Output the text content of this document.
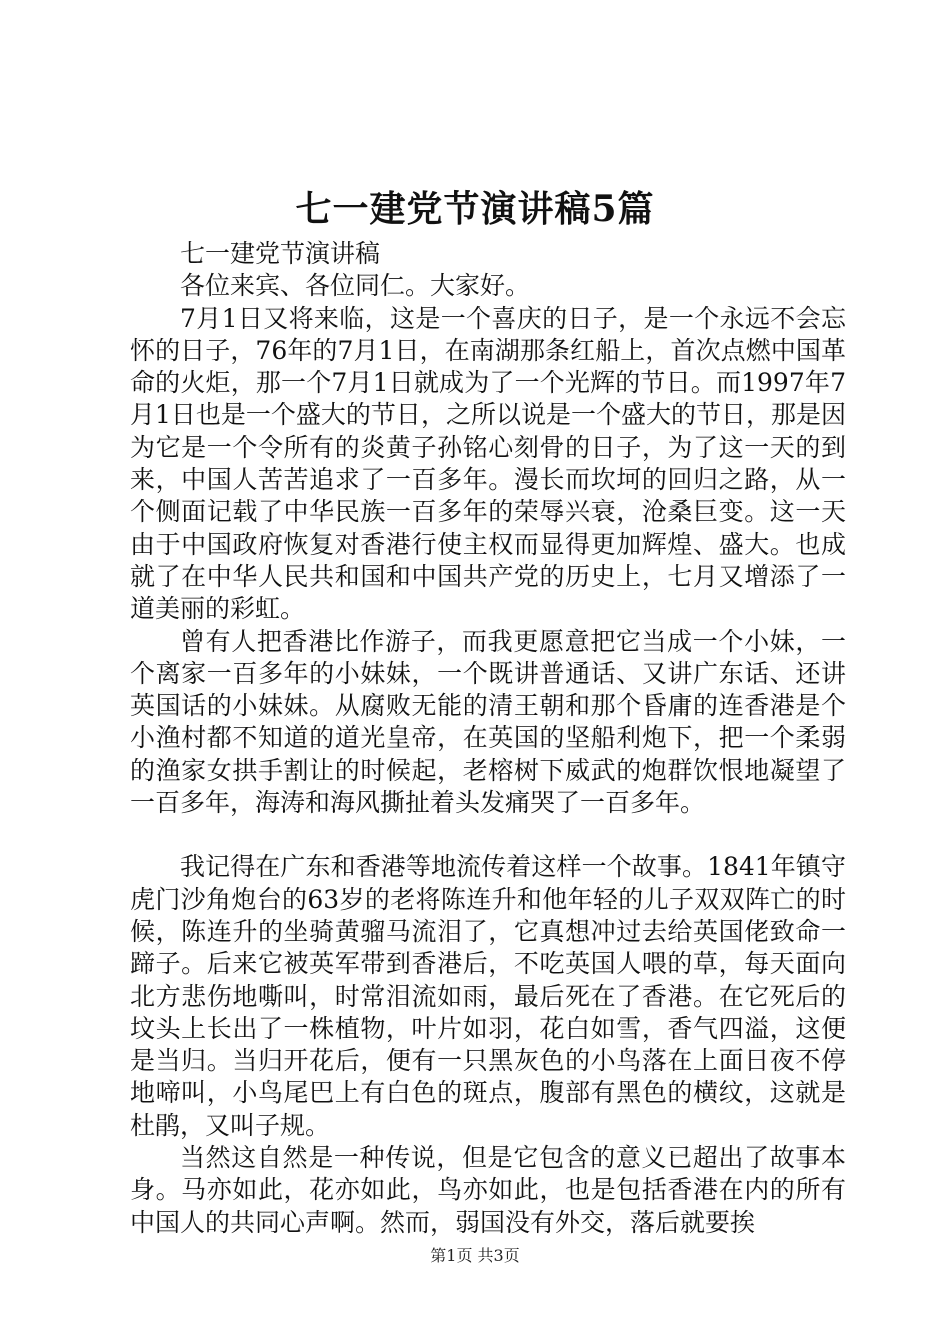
七一建党节演讲稿5篇

七一建党节演讲稿

各位来宾、各位同仁。大家好。

7月1日又将来临，这是一个喜庆的日子，是一个永远不会忘怀的日子，76年的7月1日，在南湖那条红船上，首次点燃中国革命的火炬，那一个7月1日就成为了一个光辉的节日。而1997年7月1日也是一个盛大的节日，之所以说是一个盛大的节日，那是因为它是一个令所有的炎黄子孙铭心刻骨的日子，为了这一天的到来，中国人苦苦追求了一百多年。漫长而坎坷的回归之路，从一个侧面记载了中华民族一百多年的荣辱兴衰，沧桑巨变。这一天由于中国政府恢复对香港行使主权而显得更加辉煌、盛大。也成就了在中华人民共和国和中国共产党的历史上，七月又增添了一道美丽的彩虹。

曾有人把香港比作游子，而我更愿意把它当成一个小妹，一个离家一百多年的小妹妹，一个既讲普通话、又讲广东话、还讲英国话的小妹妹。从腐败无能的清王朝和那个昏庸的连香港是个小渔村都不知道的道光皇帝，在英国的坚船利炮下，把一个柔弱的渔家女拱手割让的时候起，老榕树下威武的炮群饮恨地凝望了一百多年，海涛和海风撕扯着头发痛哭了一百多年。

我记得在广东和香港等地流传着这样一个故事。1841年镇守虎门沙角炮台的63岁的老将陈连升和他年轻的儿子双双阵亡的时候，陈连升的坐骑黄骝马流泪了，它真想冲过去给英国佬致命一蹄子。后来它被英军带到香港后，不吃英国人喂的草，每天面向北方悲伤地嘶叫，时常泪流如雨，最后死在了香港。在它死后的坟头上长出了一株植物，叶片如羽，花白如雪，香气四溢，这便是当归。当归开花后，便有一只黑灰色的小鸟落在上面日夜不停地啼叫，小鸟尾巴上有白色的斑点，腹部有黑色的横纹，这就是杜鹃，又叫子规。

当然这自然是一种传说，但是它包含的意义已超出了故事本身。马亦如此，花亦如此，鸟亦如此，也是包括香港在内的所有中国人的共同心声啊。然而，弱国没有外交，落后就要挨

第1页 共3页
